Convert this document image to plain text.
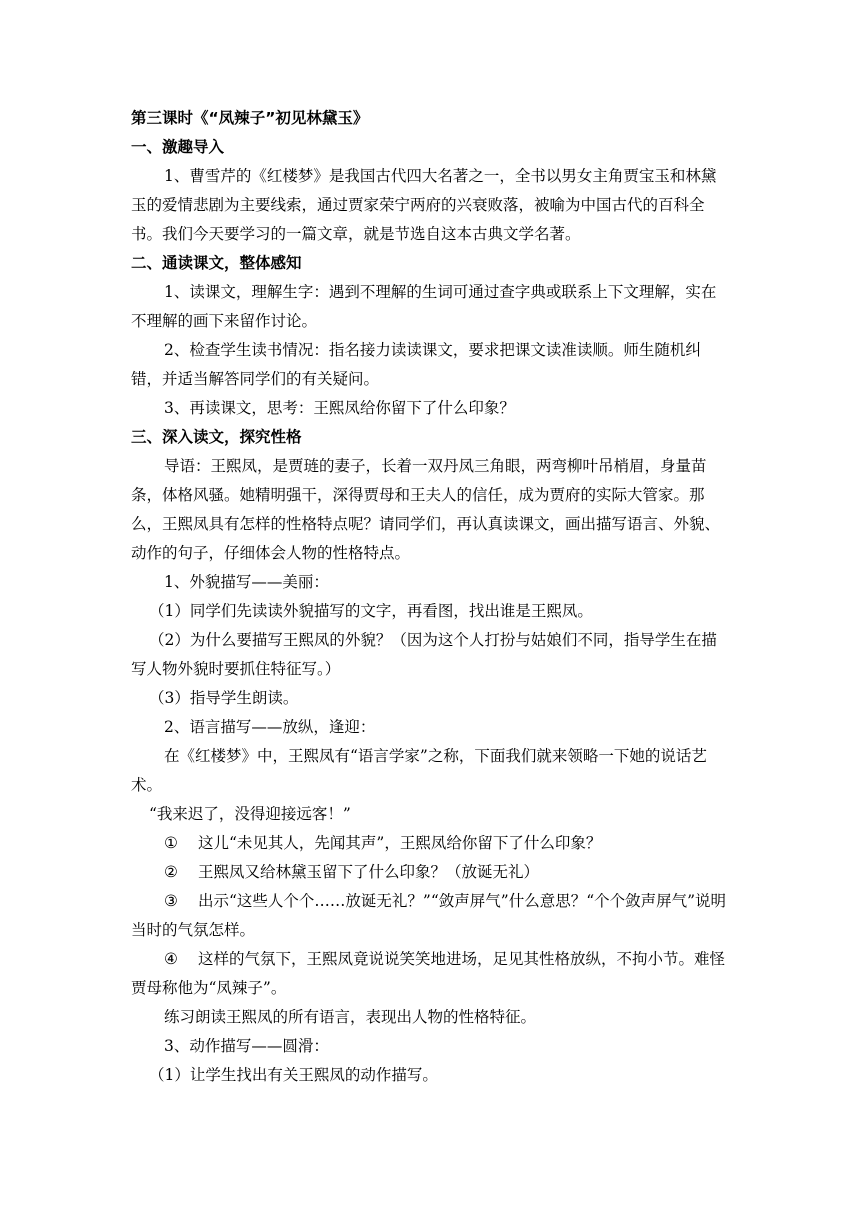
第三课时《“凤辣子”初见林黛玉》

一、激趣导入

1、曹雪芹的《红楼梦》是我国古代四大名著之一，全书以男女主角贾宝玉和林黛玉的爱情悲剧为主要线索，通过贾家荣宁两府的兴衰败落，被喻为中国古代的百科全书。我们今天要学习的一篇文章，就是节选自这本古典文学名著。

二、通读课文，整体感知

1、读课文，理解生字：遇到不理解的生词可通过查字典或联系上下文理解，实在不理解的画下来留作讨论。

2、检查学生读书情况：指名接力读读课文，要求把课文读准读顺。师生随机纠错，并适当解答同学们的有关疑问。

3、再读课文，思考：王熙凤给你留下了什么印象？

三、深入读文，探究性格

导语：王熙凤，是贾琏的妻子，长着一双丹凤三角眼，两弯柳叶吊梢眉，身量苗条，体格风骚。她精明强干，深得贾母和王夫人的信任，成为贾府的实际大管家。那么，王熙凤具有怎样的性格特点呢？请同学们，再认真读课文，画出描写语言、外貌、动作的句子，仔细体会人物的性格特点。

1、外貌描写——美丽：

（1）同学们先读读外貌描写的文字，再看图，找出谁是王熙凤。

（2）为什么要描写王熙凤的外貌？（因为这个人打扮与姑娘们不同，指导学生在描写人物外貌时要抓住特征写。）

（3）指导学生朗读。

2、语言描写——放纵，逢迎：

在《红楼梦》中，王熙凤有“语言学家”之称，下面我们就来领略一下她的说话艺术。

“我来迟了，没得迎接远客！”

① 这儿“未见其人，先闻其声”，王熙凤给你留下了什么印象？

② 王熙凤又给林黛玉留下了什么印象？（放诞无礼）

③ 出示“这些人个个……放诞无礼？”“敛声屏气”什么意思？“个个敛声屏气”说明当时的气氛怎样。

④ 这样的气氛下，王熙凤竟说说笑笑地进场，足见其性格放纵，不拘小节。难怪贾母称他为“凤辣子”。

练习朗读王熙凤的所有语言，表现出人物的性格特征。

3、动作描写——圆滑：

（1）让学生找出有关王熙凤的动作描写。
